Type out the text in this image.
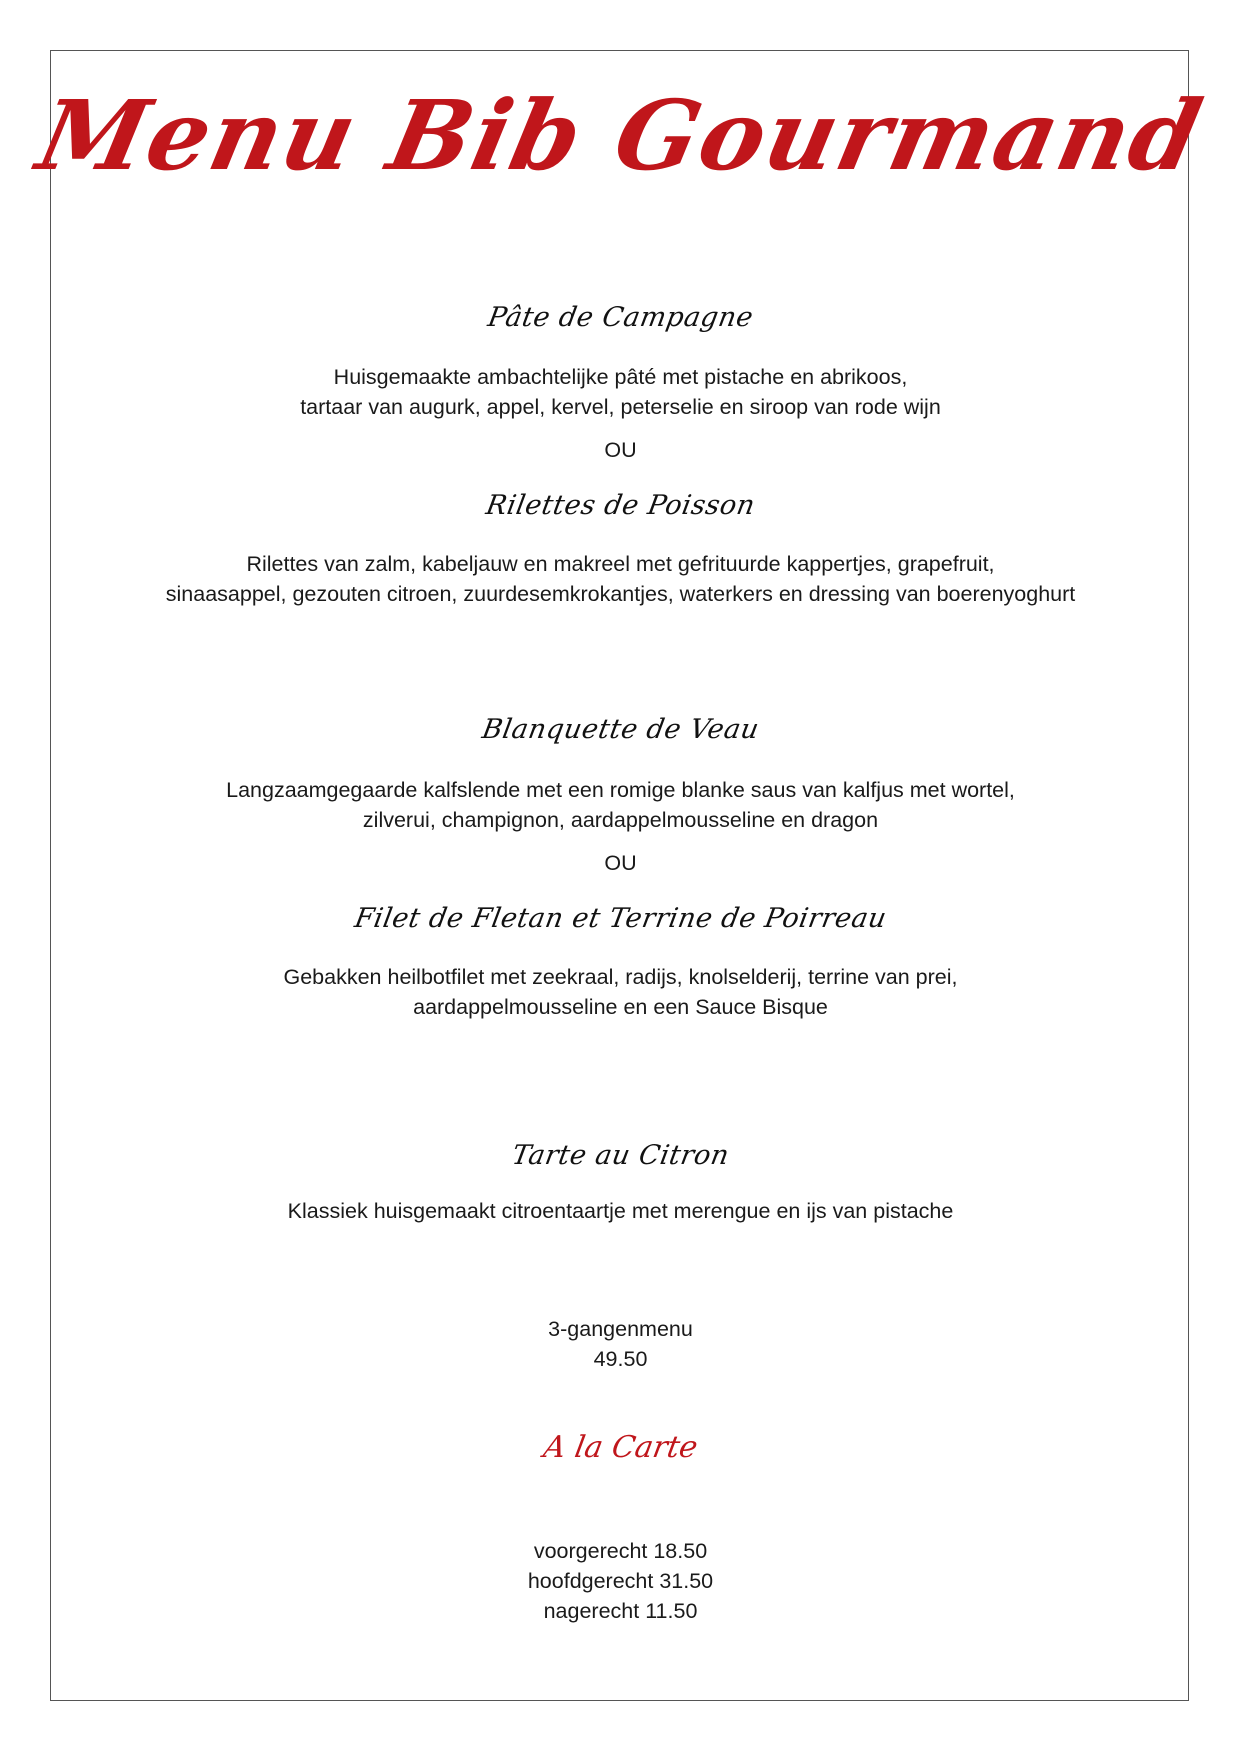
Menu Bib Gourmand
Pâte de Campagne
Huisgemaakte ambachtelijke pâté met pistache en abrikoos,
tartaar van augurk, appel, kervel, peterselie en siroop van rode wijn
OU
Rilettes de Poisson
Rilettes van zalm, kabeljauw en makreel met gefrituurde kappertjes, grapefruit,
sinaasappel, gezouten citroen, zuurdesemkrokantjes, waterkers en dressing van boerenyoghurt
Blanquette de Veau
Langzaamgegaarde kalfslende met een romige blanke saus van kalfjus met wortel,
zilverui, champignon, aardappelmousseline en dragon
OU
Filet de Fletan et Terrine de Poirreau
Gebakken heilbotfilet met zeekraal, radijs, knolselderij, terrine van prei,
aardappelmousseline en een Sauce Bisque
Tarte au Citron
Klassiek huisgemaakt citroentaartje met merengue en ijs van pistache
3-gangenmenu
49.50
A la Carte
voorgerecht 18.50
hoofdgerecht 31.50
nagerecht 11.50
